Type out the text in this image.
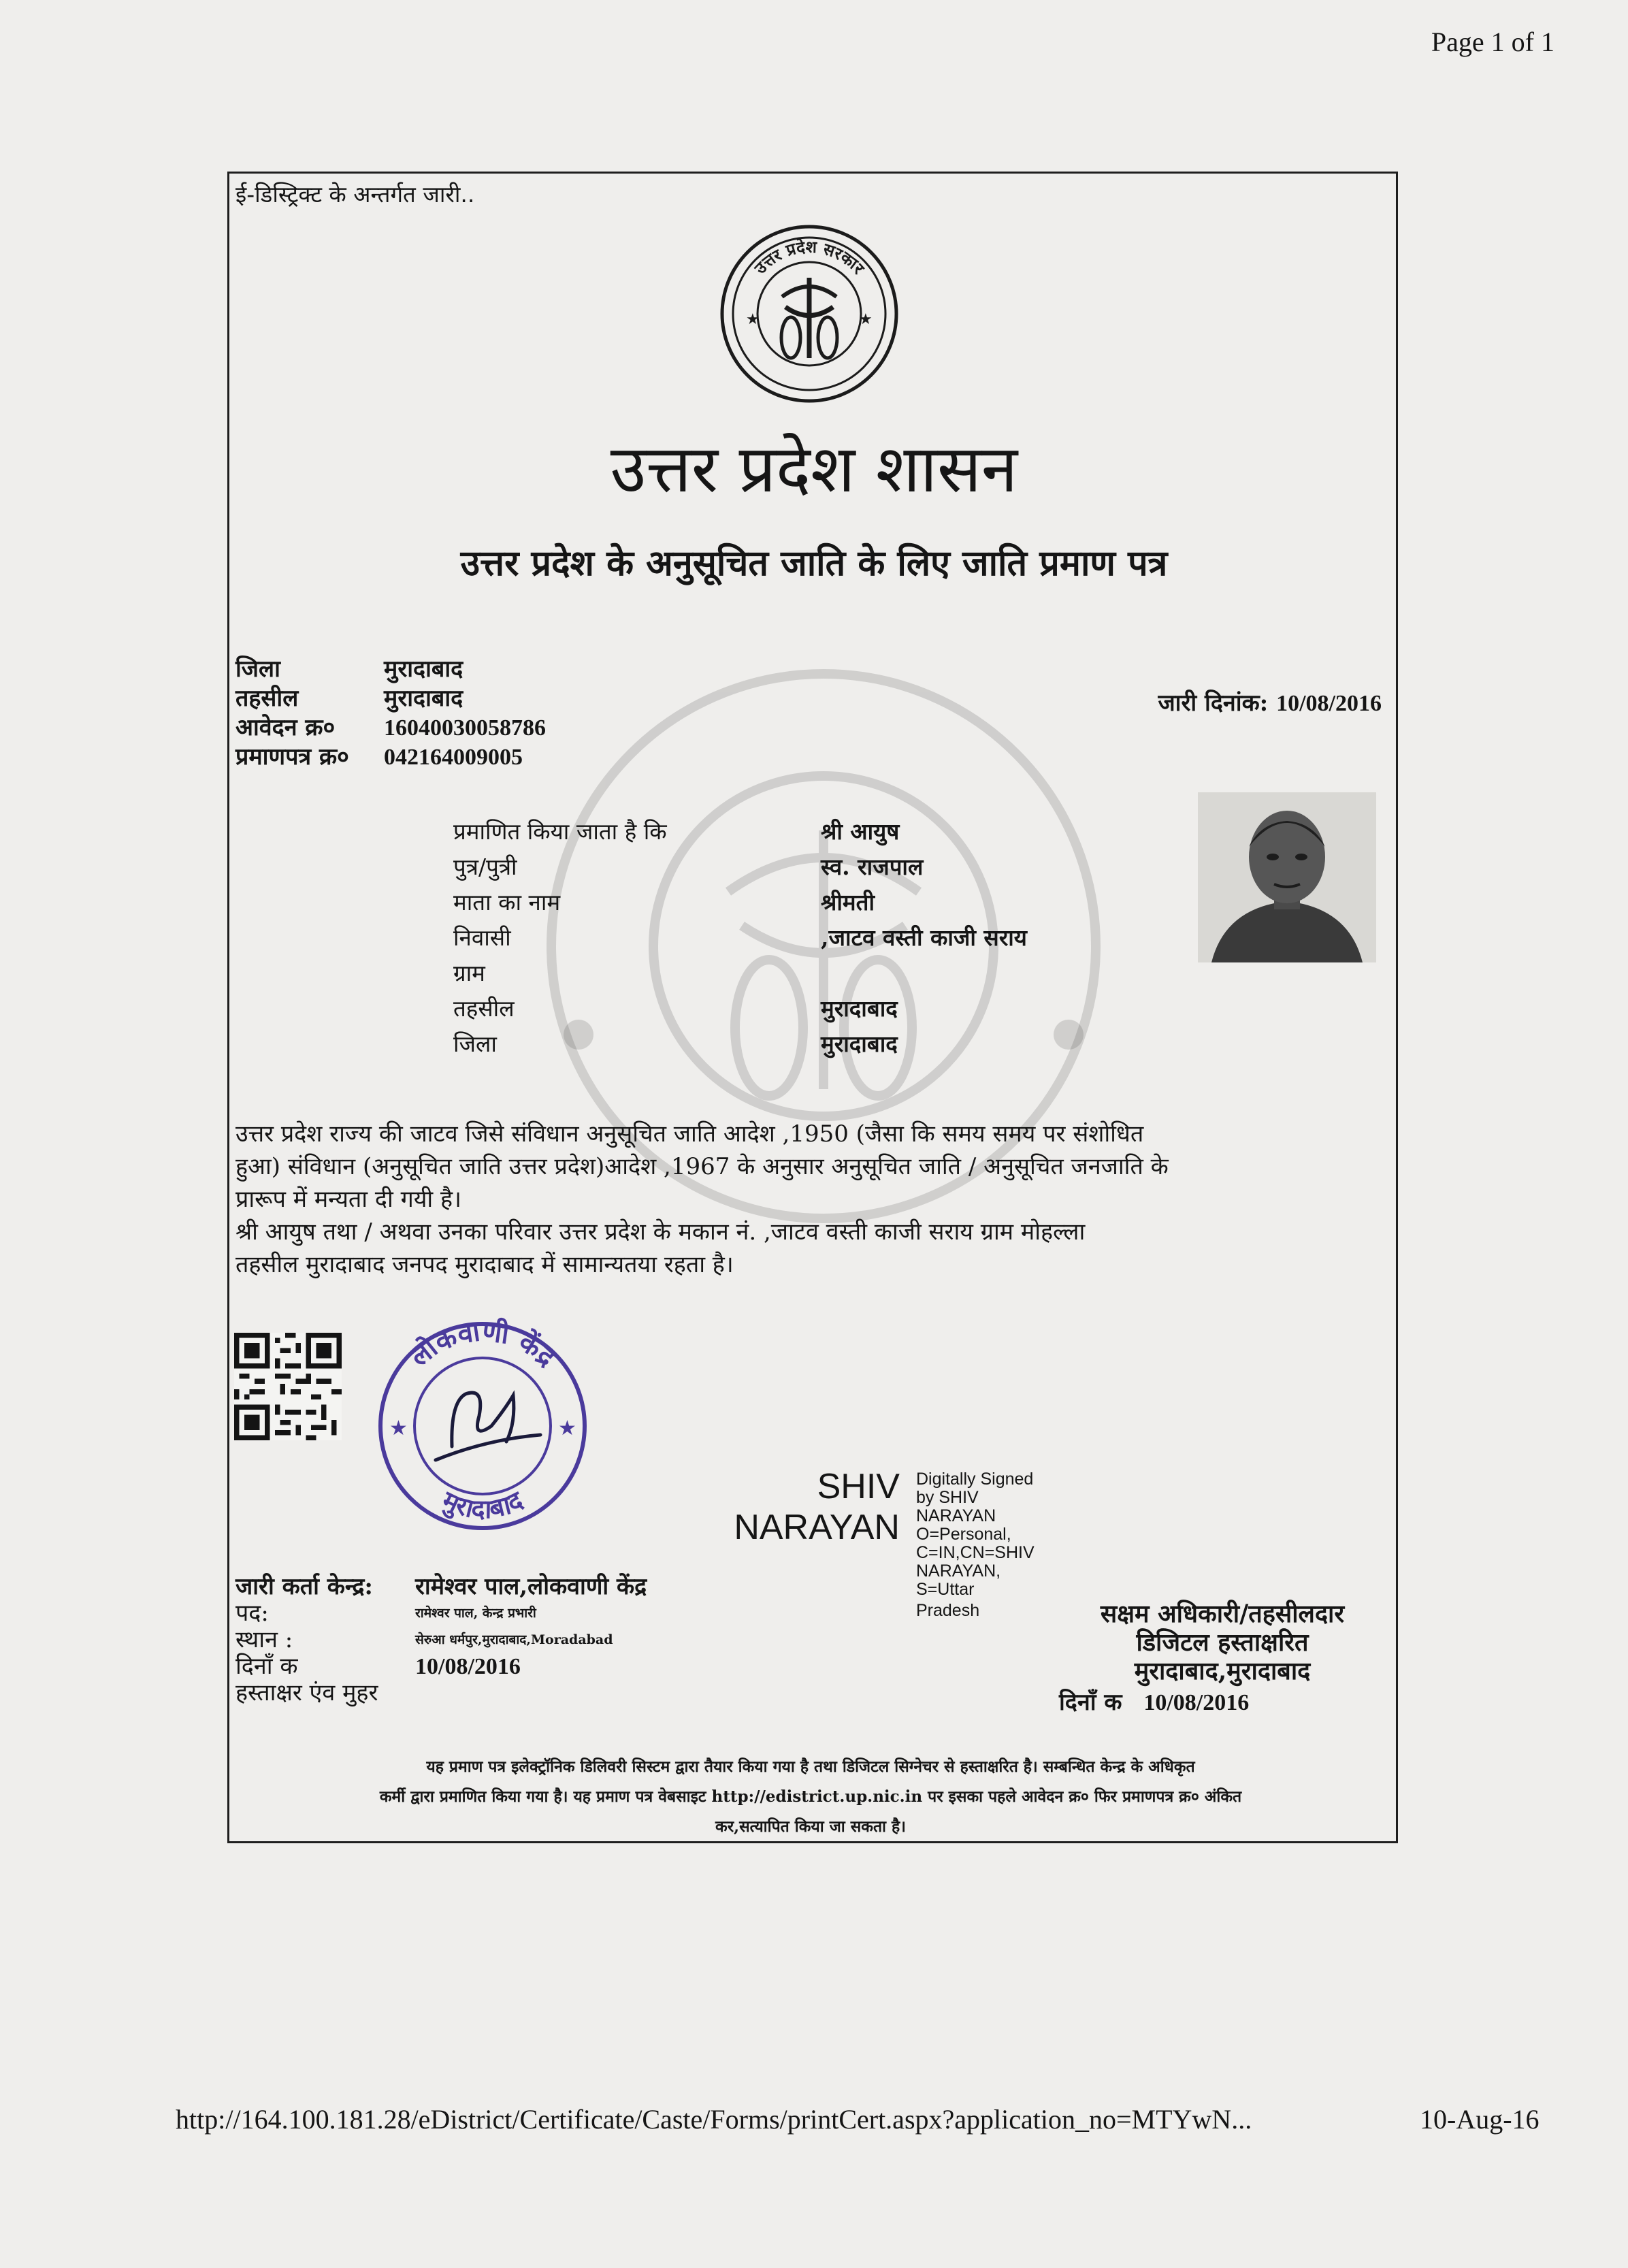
Page 1 of 1
ई-डिस्ट्रिक्ट के अन्तर्गत जारी..
उत्तर प्रदेश सरकार
★	★
उत्तर प्रदेश शासन
उत्तर प्रदेश के अनुसूचित जाति के लिए जाति प्रमाण पत्र
जिला	मुरादाबाद
तहसील	मुरादाबाद
आवेदन क्र० 16040030058786
प्रमाणपत्र क्र० 042164009005
जारी दिनांक: 10/08/2016
प्रमाणित किया जाता है कि	श्री आयुष
पुत्र/पुत्री	स्व. राजपाल
माता का नाम	श्रीमती
निवासी	,जाटव वस्ती काजी सराय
ग्राम
तहसील	मुरादाबाद
जिला	मुरादाबाद

उत्तर प्रदेश राज्य की जाटव जिसे संविधान अनुसूचित जाति आदेश ,1950 (जैसा कि समय समय पर संशोधित

हुआ) संविधान (अनुसूचित जाति उत्तर प्रदेश)आदेश ,1967 के अनुसार अनुसूचित जाति / अनुसूचित जनजाति के

प्रारूप में मन्यता दी गयी है।

श्री आयुष तथा / अथवा उनका परिवार उत्तर प्रदेश के मकान नं. ,जाटव वस्ती काजी सराय ग्राम मोहल्ला

तहसील मुरादाबाद जनपद मुरादाबाद में सामान्यतया रहता है।

लोकवाणी केंद्र
मुरादाबाद
★	★
SHIV
NARAYAN
Digitally Signed
by SHIV
NARAYAN
O=Personal,
C=IN,CN=SHIV
NARAYAN,
S=Uttar
Pradesh
जारी कर्ता केन्द्र:	रामेश्वर पाल,लोकवाणी केंद्र
पद:	रामेश्वर पाल, केन्द्र प्रभारी
स्थान :	सेरुआ धर्मपुर,मुरादाबाद,Moradabad
दिनाँ क	10/08/2016
हस्ताक्षर एंव मुहर
सक्षम अधिकारी/तहसीलदार
डिजिटल हस्ताक्षरित
मुरादाबाद,मुरादाबाद
दिनाँ क 10/08/2016
यह प्रमाण पत्र इलेक्ट्रॉनिक डिलिवरी सिस्टम द्वारा तैयार किया गया है तथा डिजिटल सिग्नेचर से हस्ताक्षरित है। सम्बन्धित केन्द्र के अधिकृत
कर्मी द्वारा प्रमाणित किया गया है। यह प्रमाण पत्र वेबसाइट http://edistrict.up.nic.in पर इसका पहले आवेदन क्र० फिर प्रमाणपत्र क्र० अंकित
कर,सत्यापित किया जा सकता है।
http://164.100.181.28/eDistrict/Certificate/Caste/Forms/printCert.aspx?application_no=MTYwN...	10-Aug-16
